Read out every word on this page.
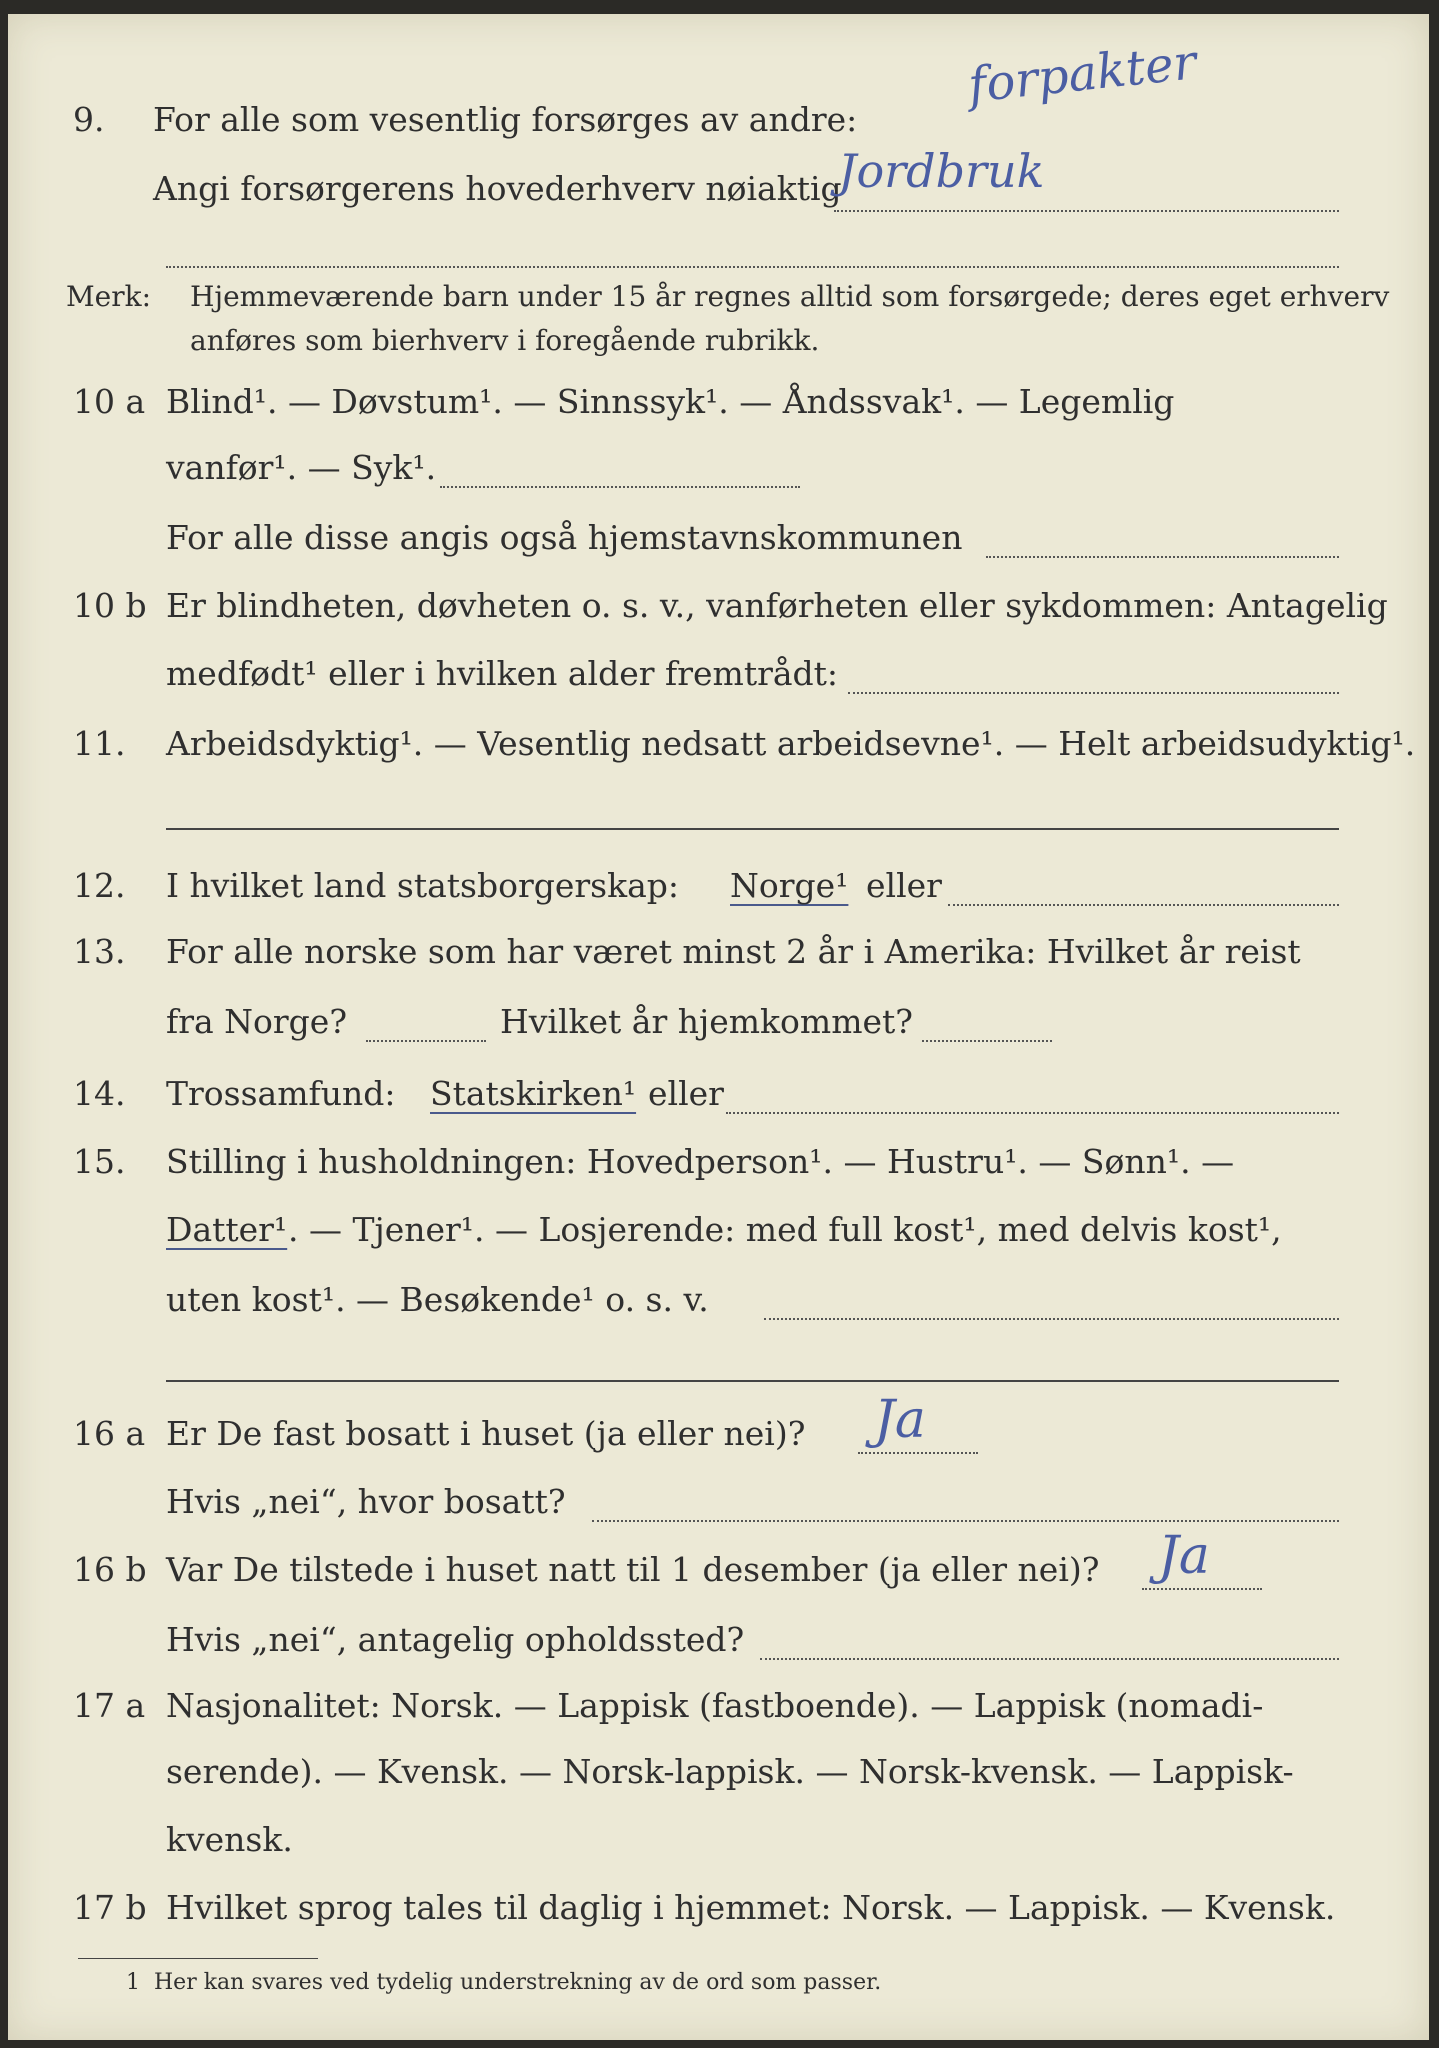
forpakter
9. For alle som vesentlig forsørges av andre:
Angi forsørgerens hovederhverv nøiaktig
Jordbruk
Merk: Hjemmeværende barn under 15 år regnes alltid som forsørgede; deres eget erhverv
anføres som bierhverv i foregående rubrikk.
10 a Blind¹. — Døvstum¹. — Sinnssyk¹. — Åndssvak¹. — Legemlig
vanfør¹. — Syk¹.
For alle disse angis også hjemstavnskommunen
10 b Er blindheten, døvheten o. s. v., vanførheten eller sykdommen: Antagelig
medfødt¹ eller i hvilken alder fremtrådt:
11. Arbeidsdyktig¹. — Vesentlig nedsatt arbeidsevne¹. — Helt arbeidsudyktig¹.
12. I hvilket land statsborgerskap: Norge¹ eller
13. For alle norske som har været minst 2 år i Amerika: Hvilket år reist
fra Norge?	Hvilket år hjemkommet?
14. Trossamfund: Statskirken¹ eller
15. Stilling i husholdningen: Hovedperson¹. — Hustru¹. — Sønn¹. —
Datter¹ . — Tjener¹. — Losjerende: med full kost¹, med delvis kost¹,
uten kost¹. — Besøkende¹ o. s. v.
16 a Er De fast bosatt i huset (ja eller nei)? Ja
Hvis „nei“, hvor bosatt?
16 b Var De tilstede i huset natt til 1 desember (ja eller nei)? Ja
Hvis „nei“, antagelig opholdssted?
17 a Nasjonalitet: Norsk. — Lappisk (fastboende). — Lappisk (nomadi-
serende). — Kvensk. — Norsk-lappisk. — Norsk-kvensk. — Lappisk-
kvensk.
17 b Hvilket sprog tales til daglig i hjemmet: Norsk. — Lappisk. — Kvensk.
1 Her kan svares ved tydelig understrekning av de ord som passer.
